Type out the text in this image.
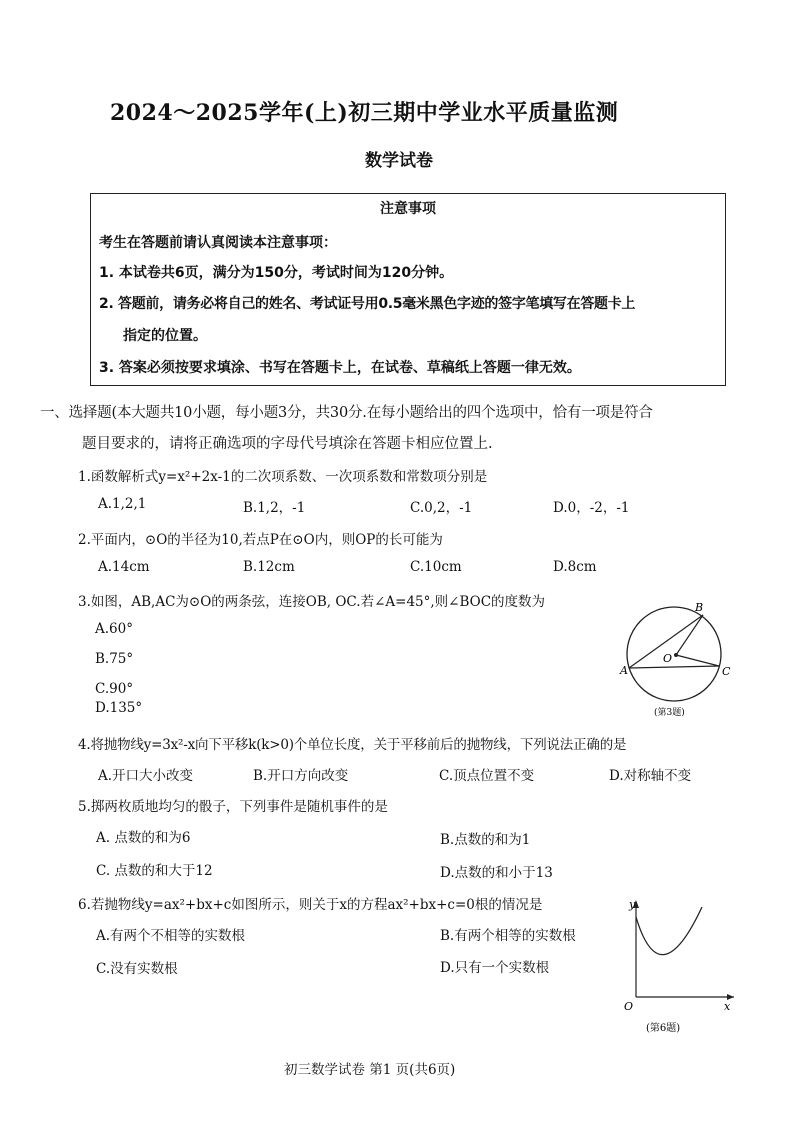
2024～2025学年(上)初三期中学业水平质量监测
数学试卷
注意事项
考生在答题前请认真阅读本注意事项：
1. 本试卷共6页，满分为150分，考试时间为120分钟。
2. 答题前，请务必将自己的姓名、考试证号用0.5毫米黑色字迹的签字笔填写在答题卡上
指定的位置。
3. 答案必须按要求填涂、书写在答题卡上，在试卷、草稿纸上答题一律无效。
一、选择题(本大题共10小题，每小题3分，共30分.在每小题给出的四个选项中，恰有一项是符合
题目要求的，请将正确选项的字母代号填涂在答题卡相应位置上.
1.函数解析式y=x²+2x-1的二次项系数、一次项系数和常数项分别是
A.1,2,1	B.1,2，-1	C.0,2，-1	D.0，-2，-1
2.平面内，⊙O的半径为10,若点P在⊙O内，则OP的长可能为
A.14cm	B.12cm	C.10cm	D.8cm
3.如图，AB,AC为⊙O的两条弦，连接OB, OC.若∠A=45°,则∠BOC的度数为
A.60°
B.75°
C.90°
D.135°
A
B
C
O
(第3题)
4.将抛物线y=3x²-x向下平移k(k>0)个单位长度，关于平移前后的抛物线，下列说法正确的是
A.开口大小改变	B.开口方向改变	C.顶点位置不变	D.对称轴不变
5.掷两枚质地均匀的骰子，下列事件是随机事件的是
A. 点数的和为6	B.点数的和为1
C. 点数的和大于12	D.点数的和小于13
6.若抛物线y=ax²+bx+c如图所示，则关于x的方程ax²+bx+c=0根的情况是
A.有两个不相等的实数根	B.有两个相等的实数根
C.没有实数根	D.只有一个实数根
y
x
O
(第6题)
初三数学试卷 第1 页(共6页)
